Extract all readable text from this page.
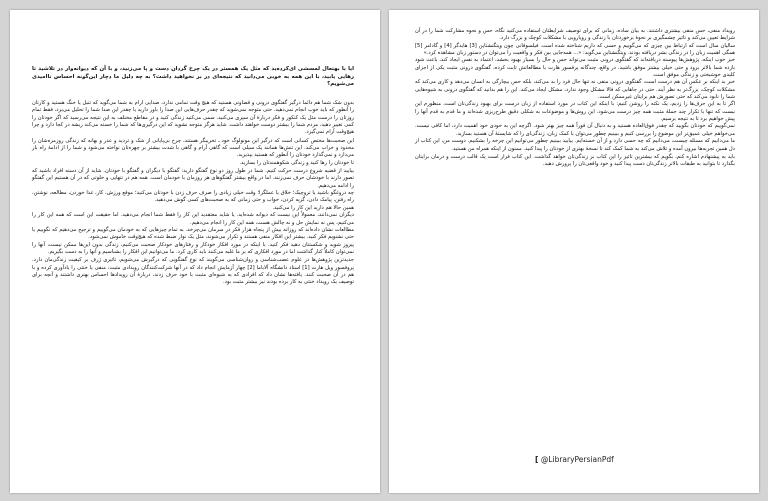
ایا با بهتعال لمسشی ای‌کرده‌ید که‌ مثل یک‌ همستر در یک‌ چرخ گردان دست و پا می‌زنید، و با آن که‌ دیوانه‌وار در تلاشید تا رهایی یابید، با این همه به خوبی می‌دانید که‌ نتیجه‌ای در بر نخواهید داشت؟ به چه دلیل ما دچار این‌گونه احساس ناامیدی می‌شویم؟

بدون شک شما هم دائما درگیر گفتگوی درونی و قضاوتی هستید که هیچ وقت تمامی ندارد، صدایی ارام به شما می‌گوید که تنبل یا خنگ هستید و کارتان را آنطور که باید خوب انجام نمی‌دهید. حتی متوجه نمی‌شوید که چقدر حرف‌هایی این صدا را باور دارید یا چقدر این صدا شما را تحلیل می‌برد، فقط تمام روزتان را درست مثل یک کنکور و فکر دربارهٔ آن سپری می‌کنید. سمی می‌کنید زندگی کنید و در مقاطع مختلف به این نتیجه می‌رسید که اگر خودتان را کمی تغییر دهید، مردم شما را بیشتر دوست خواهند داشت. شاید هرگز متوجه نشوید که این درگیری‌ها که شما را خسته می‌کند ریشه در کجا دارد و چرا هیچ‌وقت آرام نمی‌گیرد.

این صحبت‌ها مختص کسانی است که درگیر این مونولوگ خود ـ تخریبگر هستند، چرخ بی‌پایانی از شک و تردید و عذر و بهانه که زندگی روزمره‌شان را محدود و خراب می‌کند. این تنش‌ها همانند یک سیلی است که گاهی آرام و گاهی با شدت بیشتر بر چهره‌تان نواخته می‌شود و شما را از ادامهٔ راه باز می‌دارد و نمی‌گذارد خودتان را آنطور که هستید بپذیرید.

تا خودتان را رها کنید و زندگی شکوهمندتان را بسازید.

بیایید از قضیه شروع درست حرکت کنیم. شما در طول روز دو نوع گفتگو دارید: گفتگو با دیگران و گفتگو با خودتان. شاید از آن دسته افراد باشید که تصور دارند با خودشان حرف نمی‌زنند. اما در واقع بیشتر گفتگوهای هر روزمان با خودمان است. همه هم در تنهایی و خلوتی که در آن هستیم این گفتگو را ادامه می‌دهیم.

چه دروغگو باشید یا تروچیک؛ خلاق یا عملگرا؛ وقت خیلی زیادی را صرف حرف زدن با خودتان می‌کنید؛ موقع ورزش، کار، غذا خوردن، مطالعه، نوشتن، راه رفتن، پیامک دادن، گریه کردن، خواب و حتی زمانی که به صحبت‌های کسی گوش می‌دهید.

همین حالا هم دارید این کار را می‌کنید.

دیگران نمی‌دانند، معمولاً این نیست که دیوانه شده‌اید. یا شاید معتقدید این کار را فقط شما انجام می‌دهید. اما حقیقت این است که همه این کار را می‌کنیم، پس نه نمایش حل و نه چالش هست، همه این کار را انجام می‌دهیم.

مطالعات نشان داده‌اند که روزانه بیش از پنجاه هزار فکر در سرمان می‌چرخد. به تمام چیزهایی که به خودمان می‌گوییم و ترجیح می‌دهیم که نگوییم یا حتی نشنویم فکر کنید. بیشتر این افکار منفی هستند و تکرار می‌شوند، مثل یک نوار ضبط شده که هیچ‌وقت خاموش نمی‌شود.

پیروز شوید و شکستتان دهید فکر کنید. با اینکه در مورد افکار خودکار و رفتارهای خودکار صحبت می‌کنیم، زندگی بدون این‌ها ممکن نیست، آنها را نمی‌توان کاملاً کنار گذاشت اما در مورد افکاری که بر ما غلبه می‌کنند باید کاری کرد. ما می‌توانیم این افکار را بشناسیم و آنها را به دست بگیریم.

جدیدترین پژوهش‌ها در علوم عصب‌شناسی و روان‌شناسی می‌گویند که نوع گفتگویی که درگیرش می‌شویم، تاثیری ژرف بر کیفیت زندگی‌مان دارد. پروفسور ویل هارت [1] استاد دانشگاه آلاباما [2] چهار آزمایش انجام داد که در آنها شرکت‌کنندگان رویدادی مثبت، منفی یا خنثی را یادآوری کرده و با هم در آن صحبت کنند. یافته‌ها نشان داد که افرادی که به شیوه‌ای مثبت با خود حرف زدند، دربارهٔ آن رویدادها احساس بهتری داشتند و آنچه برای توصیف یک رویداد خنثی به کار برده بودند نیز بیشتر مثبت بود.

رویداد منفی، حس منفی بیشتری داشتند. به بیان ساده، زمانی که برای توصیف شرایطتان استفاده می‌کنید نگاه، حس و نحوه مشارکت شما را در آن شرایط تعیین می‌کند و تاثیر چشمگیری بر نحوهٔ برخوردتان با زندگی و رویارویی با مشکلات کوچک و بزرگ دارد.

سالیان سال است که ارتباط بین چیزی که می‌گوییم و حسی که داریم شناخته شده است. فیلسوفانی چون ویتگنشتاین [3] هایدگر [4] و گادامر [5] همگی اهمیت زبان را در زندگی بشر دریافته بودند. ویتگنشتاین می‌گوید: «... همه‌جایی بین فکر و واقعیت را می‌توان در دستور زبان مشاهده کرد.»

خبر خوب اینکه، پژوهش‌ها پیوسته دریافته‌اند که گفتگوی درونی مثبت می‌تواند حس و حال را بسیار بهبود بخشد، اعتماد به نفس ایجاد کند، باعث شود بازده شما بالاتر برود و حتی خیلی بیشتر موفق باشید. در واقع، چندگانه پرفسور هارت با مطالعاتش ثابت کرده، گفتگوی درونی مثبت یکی از اجزای کلیدی خوشبختی و زندگی موفق است.

خبر بد اینکه بر عکس آن هم درست است، گفتگوی درونی منفی نه تنها حال فرد را بد می‌کند، بلکه حس بیچارگی به انسان می‌دهد و کاری می‌کند که مشکلات کوچک، بزرگ‌تر به نظر آیند. حتی در جاهایی که فالا مشکل وجود ندارد، مشکل ایجاد می‌کند. این را هم بدانید که گفتگوی درونی به شیوه‌هایی شما را نابود می‌کند که حتی تصورش هم برایتان غیرممکن است.

اگر تا به این حرف‌ها را زدیم، یک نکته را روشن کنیم: با اینکه این کتاب در مورد استفاده از زبان درست برای بهبود زندگی‌تان است، منظورم این نیست که تنها با تکرار چند جملهٔ مثبت همه چیز درست می‌شود. این روش‌ها و موضوعات به شکلی دقیق طرح‌ریزی شده‌اند و ما قدم به قدم آنها را پیش خواهیم برد تا به نتیجه برسیم.

نمی‌گوییم که خودتان بگویید که چقدر فوق‌العاده هستید و به دنبال آن فوراً همه چیز بهتر شود. اگرچه این به خودی خود اهمیت دارد، اما کافی نیست. می‌خواهم خیلی عمیق‌تر این موضوع را بررسی کنیم و ببینیم چطور می‌توان با کمک زبان، زندگی‌ای را که شایستهٔ آن هستید بسازید.

ما می‌دانیم که مسئله چیست، می‌دانیم که چه حسی دارد و از آن خسته‌ایم. بیایید ببینیم چطور می‌توانیم این چرخه را بشکنیم. دوست من، این کتاب از دل همین تجربه‌ها بیرون آمده و تلاش می‌کند به شما کمک کند تا نسخهٔ بهتری از خودتان را پیدا کنید. ممنون از اینکه همراه من هستید.

باید به پیشنهادم اشاره کنم، بگویم که بیشترین تاثیر را این کتاب بر زندگی‌تان خواهد گذاشت. این کتاب فرار است یک قالب درست و درمان برایتان بگذارد تا بتوانید به طبقات بالاتر زندگی‌تان دست پیدا کنید و خود واقعی‌تان را پرورش دهید.

[ @LibraryPersianPdf
